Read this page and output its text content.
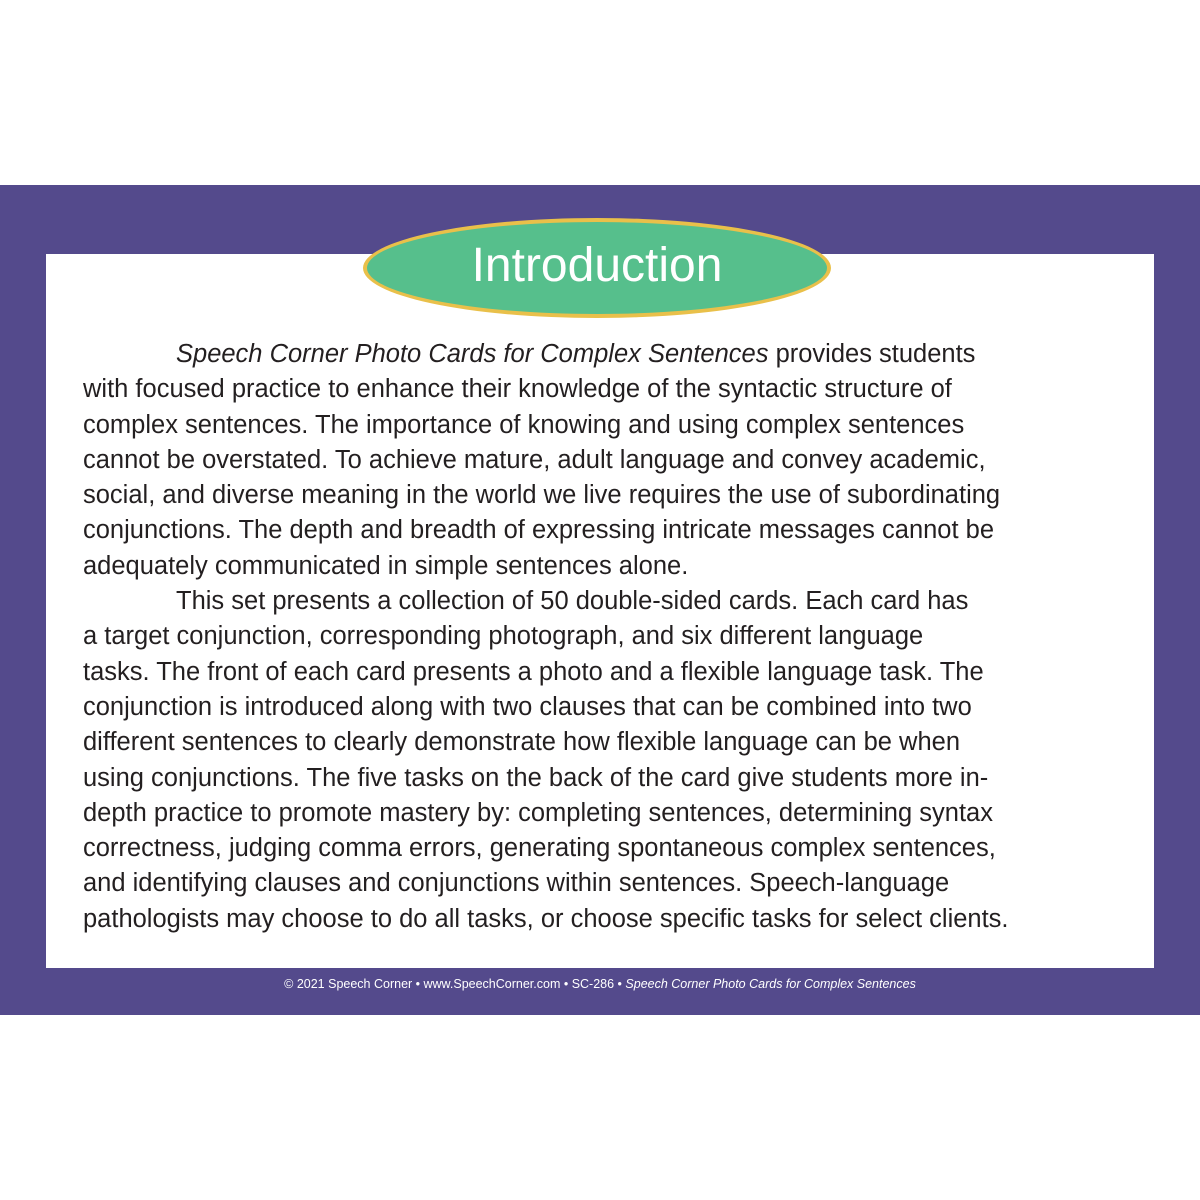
Introduction
Speech Corner Photo Cards for Complex Sentences provides students
with focused practice to enhance their knowledge of the syntactic structure of
complex sentences. The importance of knowing and using complex sentences
cannot be overstated. To achieve mature, adult language and convey academic,
social, and diverse meaning in the world we live requires the use of subordinating
conjunctions. The depth and breadth of expressing intricate messages cannot be
adequately communicated in simple sentences alone.
This set presents a collection of 50 double-sided cards. Each card has
a target conjunction, corresponding photograph, and six different language
tasks. The front of each card presents a photo and a flexible language task. The
conjunction is introduced along with two clauses that can be combined into two
different sentences to clearly demonstrate how flexible language can be when
using conjunctions. The five tasks on the back of the card give students more in-
depth practice to promote mastery by: completing sentences, determining syntax
correctness, judging comma errors, generating spontaneous complex sentences,
and identifying clauses and conjunctions within sentences. Speech-language
pathologists may choose to do all tasks, or choose specific tasks for select clients.
© 2021 Speech Corner • www.SpeechCorner.com • SC-286 • Speech Corner Photo Cards for Complex Sentences
